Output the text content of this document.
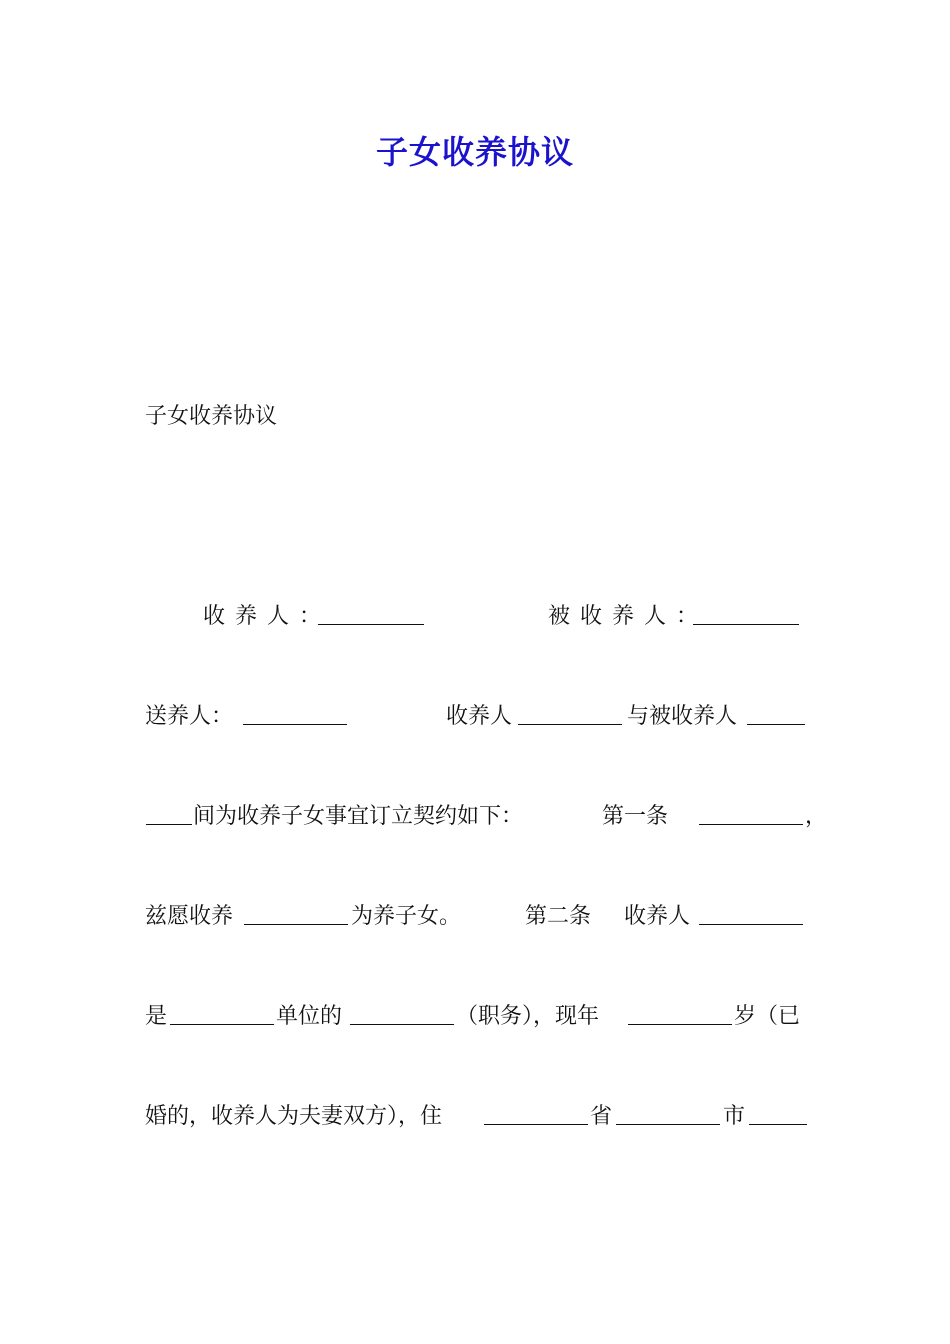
子女收养协议
子女收养协议
收养人：	被收养人：
送养人：	收养人	与被收养人
间为收养子女事宜订立契约如下：	第一条	，
兹愿收养	为养子女。	第二条 收养人
是	单位的	（职务），现年	岁（已
婚的，收养人为夫妻双方），住	省	市
